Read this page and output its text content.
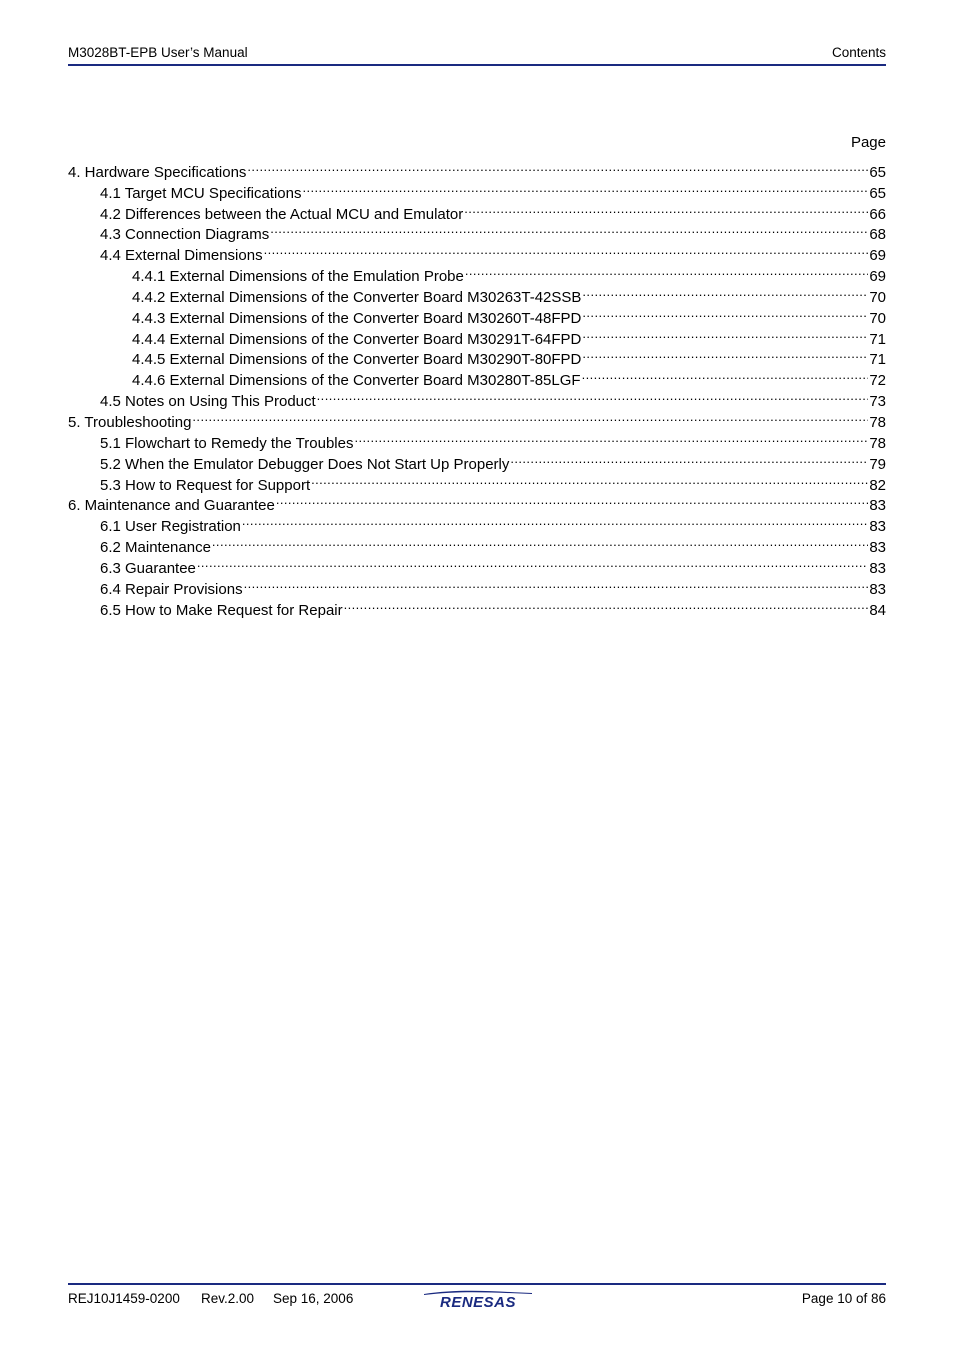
M3028BT-EPB User’s Manual	Contents
Page
4. Hardware Specifications .....	65
4.1 Target MCU Specifications .....	65
4.2 Differences between the Actual MCU and Emulator .....	66
4.3 Connection Diagrams .....	68
4.4 External Dimensions .....	69
4.4.1 External Dimensions of the Emulation Probe .....	69
4.4.2 External Dimensions of the Converter Board M30263T-42SSB .....	70
4.4.3 External Dimensions of the Converter Board M30260T-48FPD .....	70
4.4.4 External Dimensions of the Converter Board M30291T-64FPD .....	71
4.4.5 External Dimensions of the Converter Board M30290T-80FPD .....	71
4.4.6 External Dimensions of the Converter Board M30280T-85LGF .....	72
4.5 Notes on Using This Product .....	73
5. Troubleshooting .....	78
5.1 Flowchart to Remedy the Troubles .....	78
5.2 When the Emulator Debugger Does Not Start Up Properly .....	79
5.3 How to Request for Support .....	82
6. Maintenance and Guarantee .....	83
6.1 User Registration .....	83
6.2 Maintenance .....	83
6.3 Guarantee .....	83
6.4 Repair Provisions .....	83
6.5 How to Make Request for Repair .....	84
REJ10J1459-0200 Rev.2.00 Sep 16, 2006	Page 10 of 86
RENESAS
